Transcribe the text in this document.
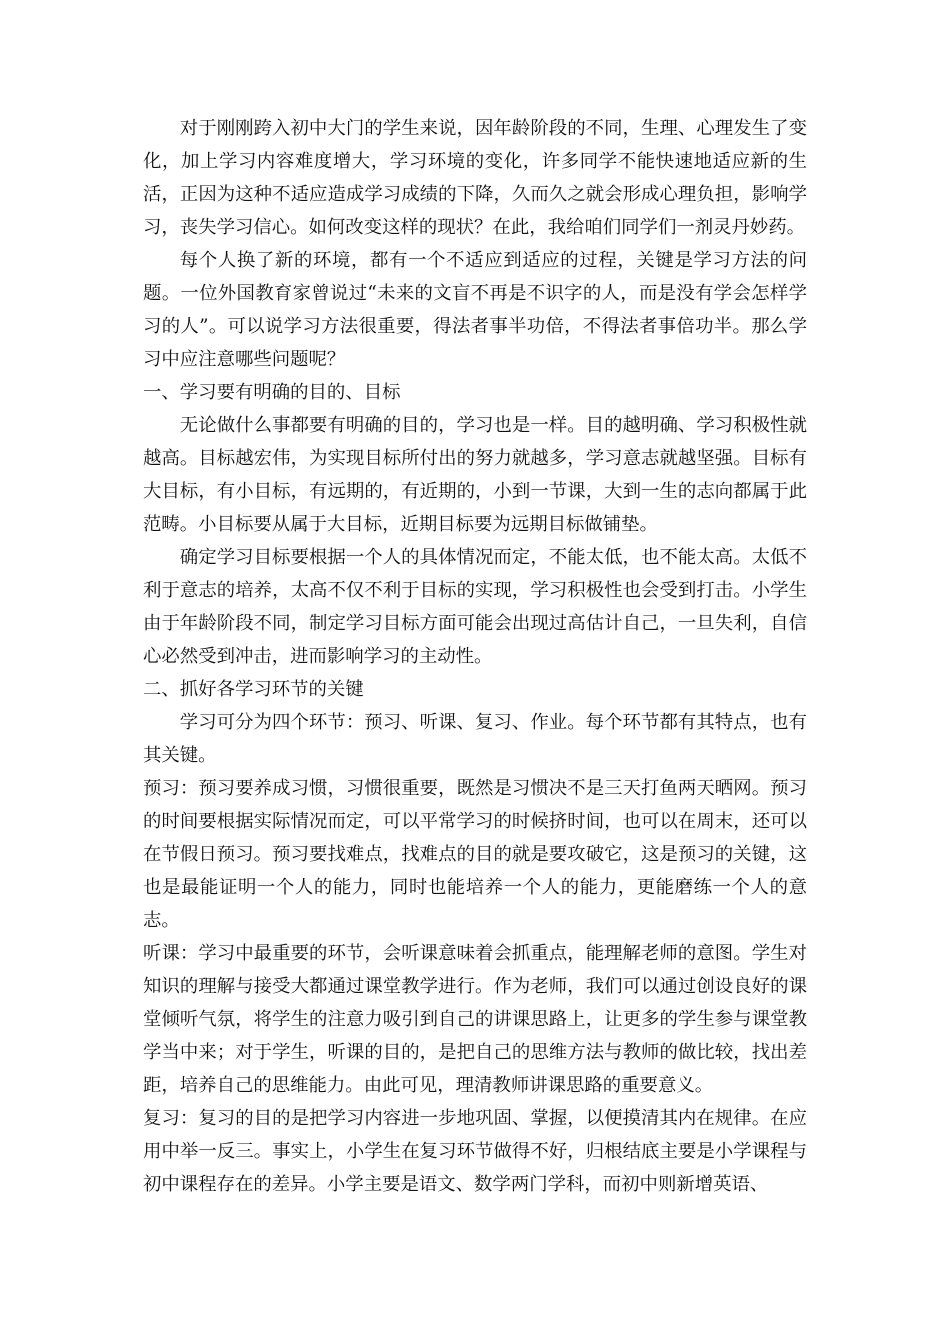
对于刚刚跨入初中大门的学生来说，因年龄阶段的不同，生理、心理发生了变化，加上学习内容难度增大，学习环境的变化，许多同学不能快速地适应新的生活，正因为这种不适应造成学习成绩的下降，久而久之就会形成心理负担，影响学习，丧失学习信心。如何改变这样的现状？在此，我给咱们同学们一剂灵丹妙药。

每个人换了新的环境，都有一个不适应到适应的过程，关键是学习方法的问题。一位外国教育家曾说过“未来的文盲不再是不识字的人，而是没有学会怎样学习的人”。可以说学习方法很重要，得法者事半功倍，不得法者事倍功半。那么学习中应注意哪些问题呢？

一、学习要有明确的目的、目标

无论做什么事都要有明确的目的，学习也是一样。目的越明确、学习积极性就越高。目标越宏伟，为实现目标所付出的努力就越多，学习意志就越坚强。目标有大目标，有小目标，有远期的，有近期的，小到一节课，大到一生的志向都属于此范畴。小目标要从属于大目标，近期目标要为远期目标做铺垫。

确定学习目标要根据一个人的具体情况而定，不能太低，也不能太高。太低不利于意志的培养，太高不仅不利于目标的实现，学习积极性也会受到打击。小学生由于年龄阶段不同，制定学习目标方面可能会出现过高估计自己，一旦失利，自信心必然受到冲击，进而影响学习的主动性。

二、抓好各学习环节的关键

学习可分为四个环节：预习、听课、复习、作业。每个环节都有其特点，也有其关键。

预习：预习要养成习惯，习惯很重要，既然是习惯决不是三天打鱼两天晒网。预习的时间要根据实际情况而定，可以平常学习的时候挤时间，也可以在周末，还可以在节假日预习。预习要找难点，找难点的目的就是要攻破它，这是预习的关键，这也是最能证明一个人的能力，同时也能培养一个人的能力，更能磨练一个人的意志。

听课：学习中最重要的环节，会听课意味着会抓重点，能理解老师的意图。学生对知识的理解与接受大都通过课堂教学进行。作为老师，我们可以通过创设良好的课堂倾听气氛，将学生的注意力吸引到自己的讲课思路上，让更多的学生参与课堂教学当中来；对于学生，听课的目的，是把自己的思维方法与教师的做比较，找出差距，培养自己的思维能力。由此可见，理清教师讲课思路的重要意义。

复习：复习的目的是把学习内容进一步地巩固、掌握，以便摸清其内在规律。在应用中举一反三。事实上，小学生在复习环节做得不好，归根结底主要是小学课程与初中课程存在的差异。小学主要是语文、数学两门学科，而初中则新增英语、
